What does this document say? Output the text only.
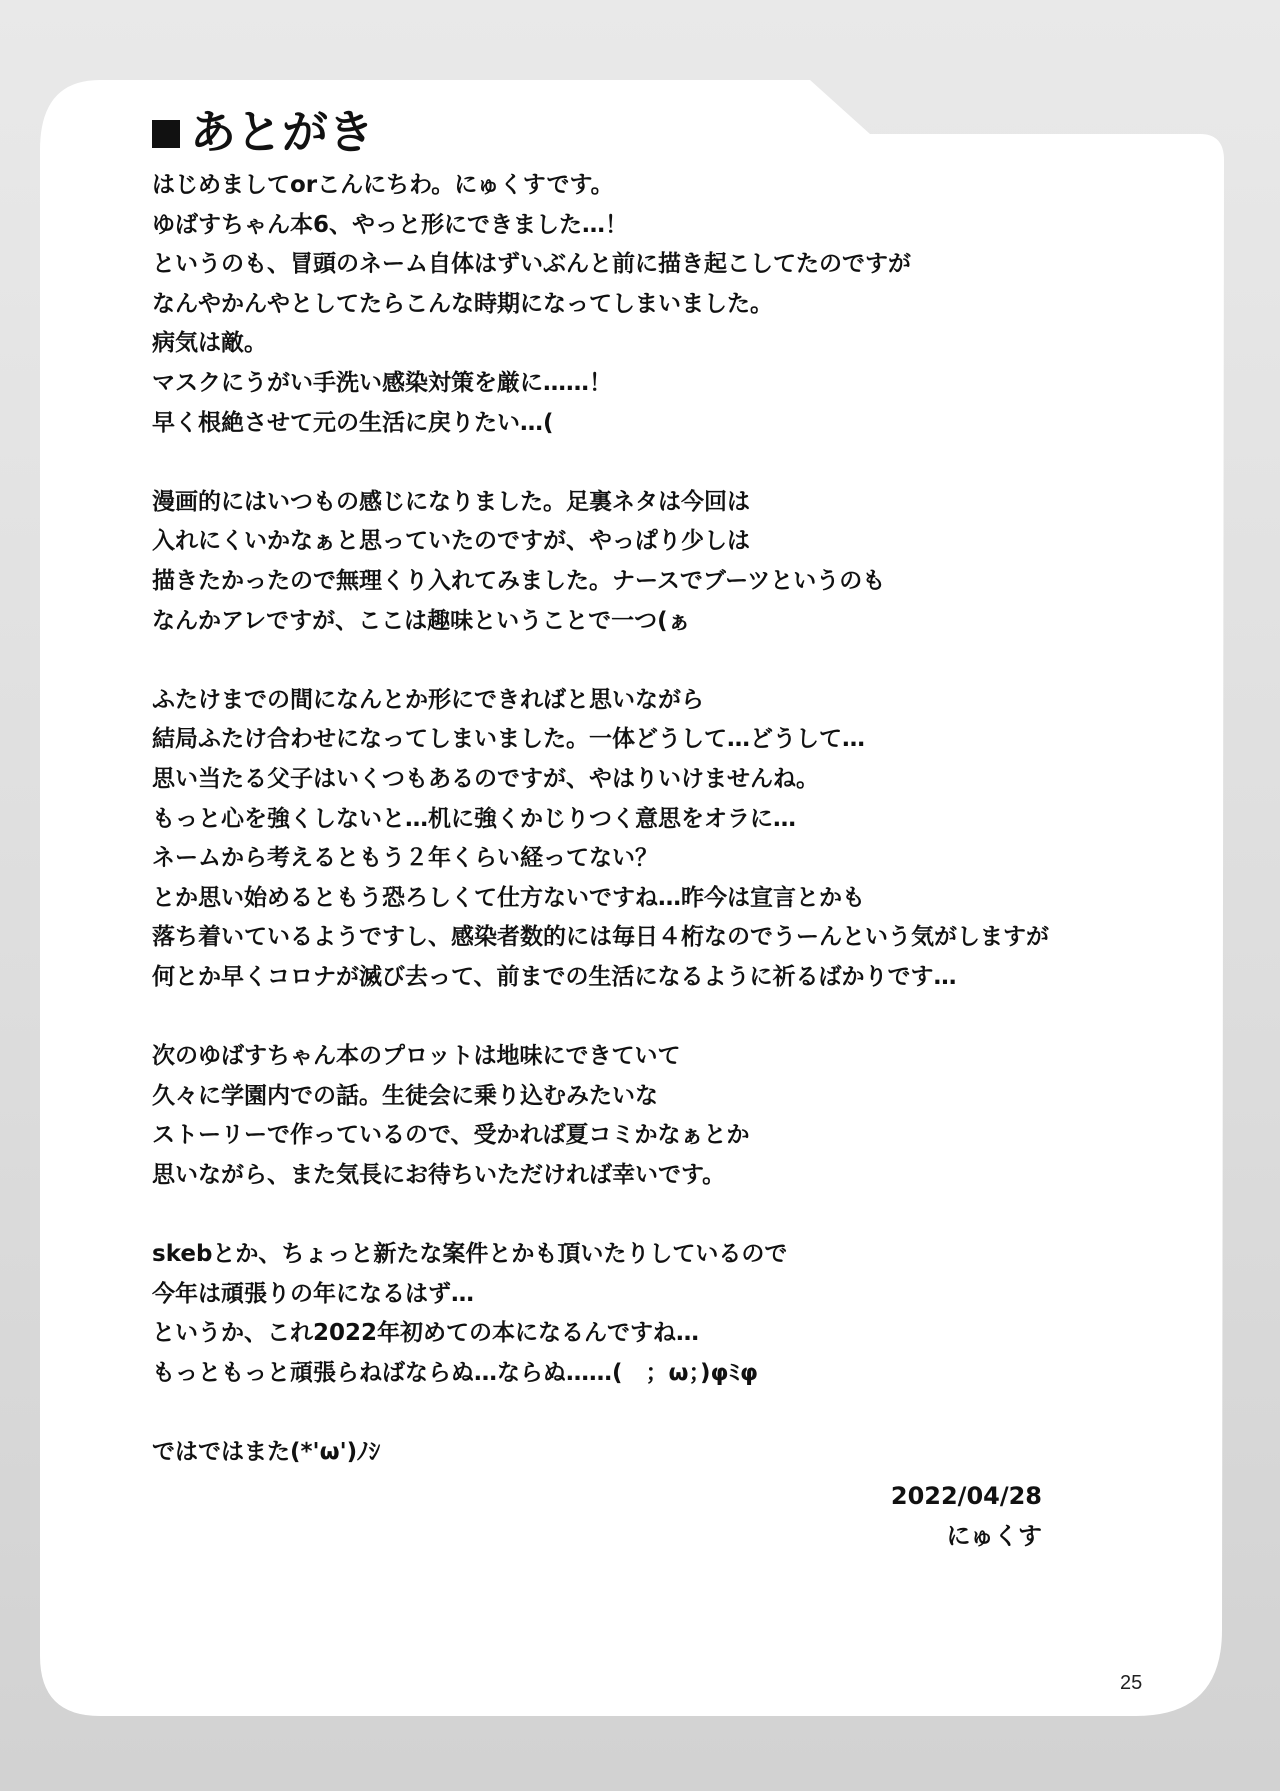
あとがき
はじめましてorこんにちわ。にゅくすです。
ゆばすちゃん本6、やっと形にできました…！
というのも、冒頭のネーム自体はずいぶんと前に描き起こしてたのですが
なんやかんやとしてたらこんな時期になってしまいました。
病気は敵。
マスクにうがい手洗い感染対策を厳に……！
早く根絶させて元の生活に戻りたい…(
漫画的にはいつもの感じになりました。足裏ネタは今回は
入れにくいかなぁと思っていたのですが、やっぱり少しは
描きたかったので無理くり入れてみました。ナースでブーツというのも
なんかアレですが、ここは趣味ということで一つ(ぁ
ふたけまでの間になんとか形にできればと思いながら
結局ふたけ合わせになってしまいました。一体どうして…どうして…
思い当たる父子はいくつもあるのですが、やはりいけませんね。
もっと心を強くしないと…机に強くかじりつく意思をオラに…
ネームから考えるともう２年くらい経ってない？
とか思い始めるともう恐ろしくて仕方ないですね…昨今は宣言とかも
落ち着いているようですし、感染者数的には毎日４桁なのでうーんという気がしますが
何とか早くコロナが滅び去って、前までの生活になるように祈るばかりです…
次のゆばすちゃん本のプロットは地味にできていて
久々に学園内での話。生徒会に乗り込むみたいな
ストーリーで作っているので、受かれば夏コミかなぁとか
思いながら、また気長にお待ちいただければ幸いです。
skebとか、ちょっと新たな案件とかも頂いたりしているので
今年は頑張りの年になるはず…
というか、これ2022年初めての本になるんですね…
もっともっと頑張らねばならぬ…ならぬ……(　；ω；)φﾐφ
ではではまた(*'ω')ﾉｼ
2022/04/28
にゅくす
25
